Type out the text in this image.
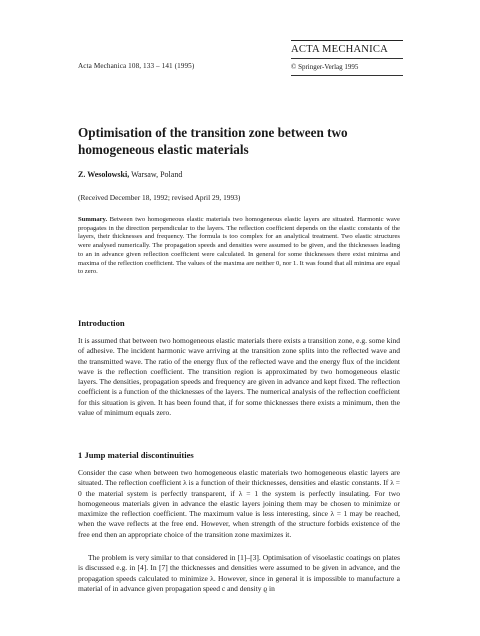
Acta Mechanica 108, 133 – 141 (1995)
ACTA MECHANICA
© Springer-Verlag 1995
Optimisation of the transition zone between two homogeneous elastic materials
Z. Wesolowski, Warsaw, Poland
(Received December 18, 1992; revised April 29, 1993)

Summary. Between two homogeneous elastic materials two homogeneous elastic layers are situated. Harmonic wave propagates in the direction perpendicular to the layers. The reflection coefficient depends on the elastic constants of the layers, their thicknesses and frequency. The formula is too complex for an analytical treatment. Two elastic structures were analysed numerically. The propagation speeds and densities were assumed to be given, and the thicknesses leading to an in advance given reflection coefficient were calculated. In general for some thicknesses there exist minima and maxima of the reflection coefficient. The values of the maxima are neither 0, nor 1. It was found that all minima are equal to zero.

Introduction

It is assumed that between two homogeneous elastic materials there exists a transition zone, e.g. some kind of adhesive. The incident harmonic wave arriving at the transition zone splits into the reflected wave and the transmitted wave. The ratio of the energy flux of the reflected wave and the energy flux of the incident wave is the reflection coefficient. The transition region is approximated by two homogeneous elastic layers. The densities, propagation speeds and frequency are given in advance and kept fixed. The reflection coefficient is a function of the thicknesses of the layers. The numerical analysis of the reflection coefficient for this situation is given. It has been found that, if for some thicknesses there exists a minimum, then the value of minimum equals zero.

1 Jump material discontinuities

Consider the case when between two homogeneous elastic materials two homogeneous elastic layers are situated. The reflection coefficient λ is a function of their thicknesses, densities and elastic constants. If λ = 0 the material system is perfectly transparent, if λ = 1 the system is perfectly insulating. For two homogeneous materials given in advance the elastic layers joining them may be chosen to minimize or maximize the reflection coefficient. The maximum value is less interesting, since λ = 1 may be reached, when the wave reflects at the free end. However, when strength of the structure forbids existence of the free end then an appropriate choice of the transition zone maximizes it.

The problem is very similar to that considered in [1]–[3]. Optimisation of visoelastic coatings on plates is discussed e.g. in [4]. In [7] the thicknesses and densities were assumed to be given in advance, and the propagation speeds calculated to minimize λ. However, since in general it is impossible to manufacture a material of in advance given propagation speed c and density ϱ in
